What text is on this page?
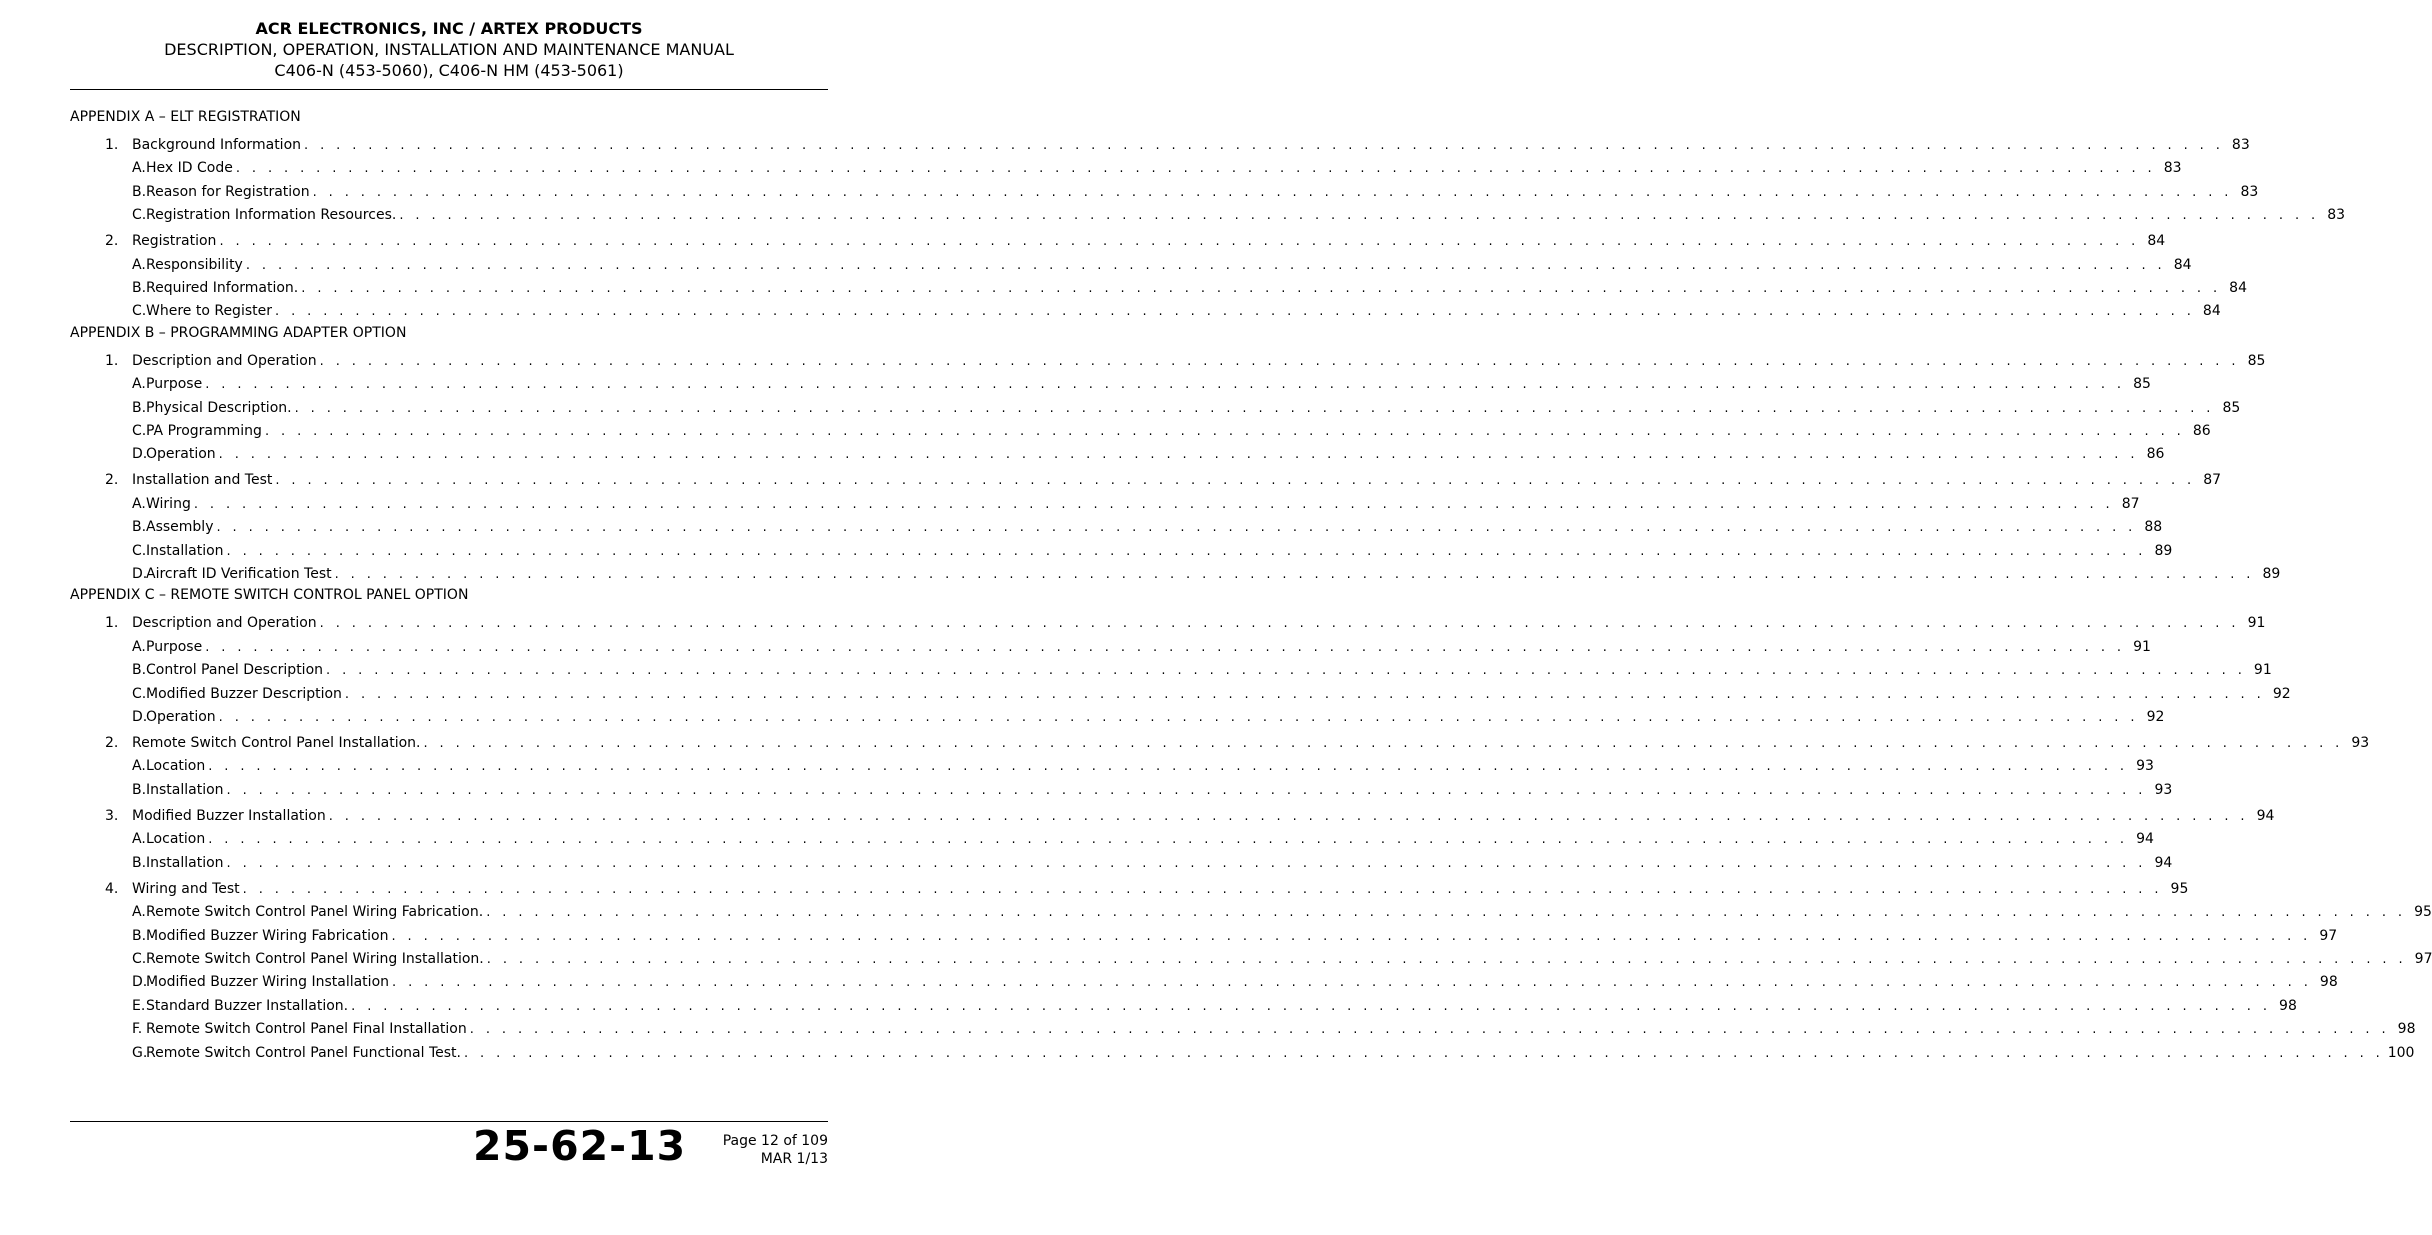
ACR ELECTRONICS, INC / ARTEX PRODUCTS
DESCRIPTION, OPERATION, INSTALLATION AND MAINTENANCE MANUAL
C406-N (453-5060), C406-N HM (453-5061)
APPENDIX A – ELT REGISTRATION
1. Background Information . . . . . . . . . . . . . . . . . . . . . . . . . . . . . . . . . . . . . . . . . . . . . . . . . . . . . . . . . . . . . . . . . . . . . . . . . . . . . . . . . . . . . . . . . . . . . . . . . . . . . . . . . . . . . . . . . . . . . . . . 83
A. Hex ID Code . . . . . . . . . . . . . . . . . . . . . . . . . . . . . . . . . . . . . . . . . . . . . . . . . . . . . . . . . . . . . . . . . . . . . . . . . . . . . . . . . . . . . . . . . . . . . . . . . . . . . . . . . . . . . . . . . . . . . . . . 83
B. Reason for Registration . . . . . . . . . . . . . . . . . . . . . . . . . . . . . . . . . . . . . . . . . . . . . . . . . . . . . . . . . . . . . . . . . . . . . . . . . . . . . . . . . . . . . . . . . . . . . . . . . . . . . . . . . . . . . . . . . . . . . . . . 83
C. Registration Information Resources. . . . . . . . . . . . . . . . . . . . . . . . . . . . . . . . . . . . . . . . . . . . . . . . . . . . . . . . . . . . . . . . . . . . . . . . . . . . . . . . . . . . . . . . . . . . . . . . . . . . . . . . . . . . . . . . . . . . . . . . . 83
2. Registration . . . . . . . . . . . . . . . . . . . . . . . . . . . . . . . . . . . . . . . . . . . . . . . . . . . . . . . . . . . . . . . . . . . . . . . . . . . . . . . . . . . . . . . . . . . . . . . . . . . . . . . . . . . . . . . . . . . . . . . . 84
A. Responsibility . . . . . . . . . . . . . . . . . . . . . . . . . . . . . . . . . . . . . . . . . . . . . . . . . . . . . . . . . . . . . . . . . . . . . . . . . . . . . . . . . . . . . . . . . . . . . . . . . . . . . . . . . . . . . . . . . . . . . . . . 84
B. Required Information. . . . . . . . . . . . . . . . . . . . . . . . . . . . . . . . . . . . . . . . . . . . . . . . . . . . . . . . . . . . . . . . . . . . . . . . . . . . . . . . . . . . . . . . . . . . . . . . . . . . . . . . . . . . . . . . . . . . . . . . . 84
C. Where to Register . . . . . . . . . . . . . . . . . . . . . . . . . . . . . . . . . . . . . . . . . . . . . . . . . . . . . . . . . . . . . . . . . . . . . . . . . . . . . . . . . . . . . . . . . . . . . . . . . . . . . . . . . . . . . . . . . . . . . . . . 84
APPENDIX B – PROGRAMMING ADAPTER OPTION
1. Description and Operation . . . . . . . . . . . . . . . . . . . . . . . . . . . . . . . . . . . . . . . . . . . . . . . . . . . . . . . . . . . . . . . . . . . . . . . . . . . . . . . . . . . . . . . . . . . . . . . . . . . . . . . . . . . . . . . . . . . . . . . . 85
A. Purpose . . . . . . . . . . . . . . . . . . . . . . . . . . . . . . . . . . . . . . . . . . . . . . . . . . . . . . . . . . . . . . . . . . . . . . . . . . . . . . . . . . . . . . . . . . . . . . . . . . . . . . . . . . . . . . . . . . . . . . . . 85
B. Physical Description. . . . . . . . . . . . . . . . . . . . . . . . . . . . . . . . . . . . . . . . . . . . . . . . . . . . . . . . . . . . . . . . . . . . . . . . . . . . . . . . . . . . . . . . . . . . . . . . . . . . . . . . . . . . . . . . . . . . . . . . . 85
C. PA Programming . . . . . . . . . . . . . . . . . . . . . . . . . . . . . . . . . . . . . . . . . . . . . . . . . . . . . . . . . . . . . . . . . . . . . . . . . . . . . . . . . . . . . . . . . . . . . . . . . . . . . . . . . . . . . . . . . . . . . . . . 86
D.
Operation . . . . . . . . . . . . . . . . . . . . . . . . . . . . . . . . . . . . . . . . . . . . . . . . . . . . . . . . . . . . . . . . . . . . . . . . . . . . . . . . . . . . . . . . . . . . . . . . . . . . . . . . . . . . . . . . . . . . . . . . 86
2. Installation and Test . . . . . . . . . . . . . . . . . . . . . . . . . . . . . . . . . . . . . . . . . . . . . . . . . . . . . . . . . . . . . . . . . . . . . . . . . . . . . . . . . . . . . . . . . . . . . . . . . . . . . . . . . . . . . . . . . . . . . . . . 87
A. Wiring . . . . . . . . . . . . . . . . . . . . . . . . . . . . . . . . . . . . . . . . . . . . . . . . . . . . . . . . . . . . . . . . . . . . . . . . . . . . . . . . . . . . . . . . . . . . . . . . . . . . . . . . . . . . . . . . . . . . . . . . 87
B. Assembly . . . . . . . . . . . . . . . . . . . . . . . . . . . . . . . . . . . . . . . . . . . . . . . . . . . . . . . . . . . . . . . . . . . . . . . . . . . . . . . . . . . . . . . . . . . . . . . . . . . . . . . . . . . . . . . . . . . . . . . . 88
C. Installation . . . . . . . . . . . . . . . . . . . . . . . . . . . . . . . . . . . . . . . . . . . . . . . . . . . . . . . . . . . . . . . . . . . . . . . . . . . . . . . . . . . . . . . . . . . . . . . . . . . . . . . . . . . . . . . . . . . . . . . . 89
D.
Aircraft ID Verification Test . . . . . . . . . . . . . . . . . . . . . . . . . . . . . . . . . . . . . . . . . . . . . . . . . . . . . . . . . . . . . . . . . . . . . . . . . . . . . . . . . . . . . . . . . . . . . . . . . . . . . . . . . . . . . . . . . . . . . . . . 89
APPENDIX C – REMOTE SWITCH CONTROL PANEL OPTION
1. Description and Operation . . . . . . . . . . . . . . . . . . . . . . . . . . . . . . . . . . . . . . . . . . . . . . . . . . . . . . . . . . . . . . . . . . . . . . . . . . . . . . . . . . . . . . . . . . . . . . . . . . . . . . . . . . . . . . . . . . . . . . . . 91
A. Purpose . . . . . . . . . . . . . . . . . . . . . . . . . . . . . . . . . . . . . . . . . . . . . . . . . . . . . . . . . . . . . . . . . . . . . . . . . . . . . . . . . . . . . . . . . . . . . . . . . . . . . . . . . . . . . . . . . . . . . . . . 91
B. Control Panel Description . . . . . . . . . . . . . . . . . . . . . . . . . . . . . . . . . . . . . . . . . . . . . . . . . . . . . . . . . . . . . . . . . . . . . . . . . . . . . . . . . . . . . . . . . . . . . . . . . . . . . . . . . . . . . . . . . . . . . . . . 91
C. Modified Buzzer Description . . . . . . . . . . . . . . . . . . . . . . . . . . . . . . . . . . . . . . . . . . . . . . . . . . . . . . . . . . . . . . . . . . . . . . . . . . . . . . . . . . . . . . . . . . . . . . . . . . . . . . . . . . . . . . . . . . . . . . . . 92
D.
Operation . . . . . . . . . . . . . . . . . . . . . . . . . . . . . . . . . . . . . . . . . . . . . . . . . . . . . . . . . . . . . . . . . . . . . . . . . . . . . . . . . . . . . . . . . . . . . . . . . . . . . . . . . . . . . . . . . . . . . . . . 92
2. Remote Switch Control Panel Installation. . . . . . . . . . . . . . . . . . . . . . . . . . . . . . . . . . . . . . . . . . . . . . . . . . . . . . . . . . . . . . . . . . . . . . . . . . . . . . . . . . . . . . . . . . . . . . . . . . . . . . . . . . . . . . . . . . . . . . . . . 93
A. Location . . . . . . . . . . . . . . . . . . . . . . . . . . . . . . . . . . . . . . . . . . . . . . . . . . . . . . . . . . . . . . . . . . . . . . . . . . . . . . . . . . . . . . . . . . . . . . . . . . . . . . . . . . . . . . . . . . . . . . . . 93
B. Installation . . . . . . . . . . . . . . . . . . . . . . . . . . . . . . . . . . . . . . . . . . . . . . . . . . . . . . . . . . . . . . . . . . . . . . . . . . . . . . . . . . . . . . . . . . . . . . . . . . . . . . . . . . . . . . . . . . . . . . . . 93
3. Modified Buzzer Installation . . . . . . . . . . . . . . . . . . . . . . . . . . . . . . . . . . . . . . . . . . . . . . . . . . . . . . . . . . . . . . . . . . . . . . . . . . . . . . . . . . . . . . . . . . . . . . . . . . . . . . . . . . . . . . . . . . . . . . . . 94
A. Location . . . . . . . . . . . . . . . . . . . . . . . . . . . . . . . . . . . . . . . . . . . . . . . . . . . . . . . . . . . . . . . . . . . . . . . . . . . . . . . . . . . . . . . . . . . . . . . . . . . . . . . . . . . . . . . . . . . . . . . . 94
B. Installation . . . . . . . . . . . . . . . . . . . . . . . . . . . . . . . . . . . . . . . . . . . . . . . . . . . . . . . . . . . . . . . . . . . . . . . . . . . . . . . . . . . . . . . . . . . . . . . . . . . . . . . . . . . . . . . . . . . . . . . . 94
4. Wiring and Test . . . . . . . . . . . . . . . . . . . . . . . . . . . . . . . . . . . . . . . . . . . . . . . . . . . . . . . . . . . . . . . . . . . . . . . . . . . . . . . . . . . . . . . . . . . . . . . . . . . . . . . . . . . . . . . . . . . . . . . . 95
A. Remote Switch Control Panel Wiring Fabrication. . . . . . . . . . . . . . . . . . . . . . . . . . . . . . . . . . . . . . . . . . . . . . . . . . . . . . . . . . . . . . . . . . . . . . . . . . . . . . . . . . . . . . . . . . . . . . . . . . . . . . . . . . . . . . . . . . . . . . . . . 95
B. Modified Buzzer Wiring Fabrication . . . . . . . . . . . . . . . . . . . . . . . . . . . . . . . . . . . . . . . . . . . . . . . . . . . . . . . . . . . . . . . . . . . . . . . . . . . . . . . . . . . . . . . . . . . . . . . . . . . . . . . . . . . . . . . . . . . . . . . . 97
C. Remote Switch Control Panel Wiring Installation. . . . . . . . . . . . . . . . . . . . . . . . . . . . . . . . . . . . . . . . . . . . . . . . . . . . . . . . . . . . . . . . . . . . . . . . . . . . . . . . . . . . . . . . . . . . . . . . . . . . . . . . . . . . . . . . . . . . . . . . . 97
D.
Modified Buzzer Wiring Installation . . . . . . . . . . . . . . . . . . . . . . . . . . . . . . . . . . . . . . . . . . . . . . . . . . . . . . . . . . . . . . . . . . . . . . . . . . . . . . . . . . . . . . . . . . . . . . . . . . . . . . . . . . . . . . . . . . . . . . . . 98
E. Standard Buzzer Installation. . . . . . . . . . . . . . . . . . . . . . . . . . . . . . . . . . . . . . . . . . . . . . . . . . . . . . . . . . . . . . . . . . . . . . . . . . . . . . . . . . . . . . . . . . . . . . . . . . . . . . . . . . . . . . . . . . . . . . . . . 98
F. Remote Switch Control Panel Final Installation . . . . . . . . . . . . . . . . . . . . . . . . . . . . . . . . . . . . . . . . . . . . . . . . . . . . . . . . . . . . . . . . . . . . . . . . . . . . . . . . . . . . . . . . . . . . . . . . . . . . . . . . . . . . . . . . . . . . . . . . 98
G.
Remote Switch Control Panel Functional Test. . . . . . . . . . . . . . . . . . . . . . . . . . . . . . . . . . . . . . . . . . . . . . . . . . . . . . . . . . . . . . . . . . . . . . . . . . . . . . . . . . . . . . . . . . . . . . . . . . . . . . . . . . . . . . . . . . . . . . . . . 100
25-62-13	Page 12 of 109
MAR 1/13
